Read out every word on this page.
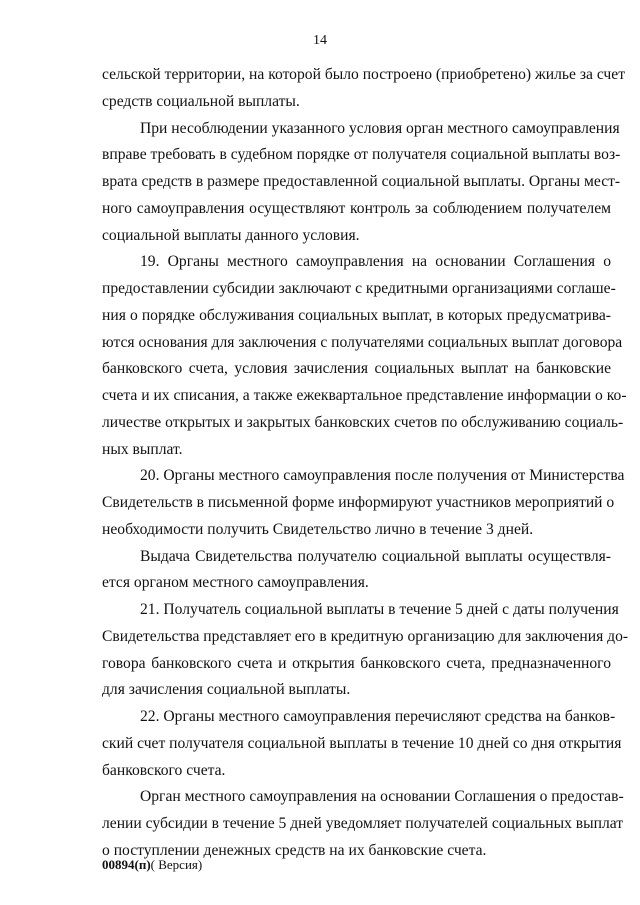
14
сельской территории, на которой было построено (приобретено) жилье за счет
средств социальной выплаты.
При несоблюдении указанного условия орган местного самоуправления
вправе требовать в судебном порядке от получателя социальной выплаты воз-
врата средств в размере предоставленной социальной выплаты. Органы мест-
ного самоуправления осуществляют контроль за соблюдением получателем
социальной выплаты данного условия.
19. Органы местного самоуправления на основании Соглашения о
предоставлении субсидии заключают с кредитными организациями соглаше-
ния о порядке обслуживания социальных выплат, в которых предусматрива-
ются основания для заключения с получателями социальных выплат договора
банковского счета, условия зачисления социальных выплат на банковские
счета и их списания, а также ежеквартальное представление информации о ко-
личестве открытых и закрытых банковских счетов по обслуживанию социаль-
ных выплат.
20. Органы местного самоуправления после получения от Министерства
Свидетельств в письменной форме информируют участников мероприятий о
необходимости получить Свидетельство лично в течение 3 дней.
Выдача Свидетельства получателю социальной выплаты осуществля-
ется органом местного самоуправления.
21. Получатель социальной выплаты в течение 5 дней с даты получения
Свидетельства представляет его в кредитную организацию для заключения до-
говора банковского счета и открытия банковского счета, предназначенного
для зачисления социальной выплаты.
22. Органы местного самоуправления перечисляют средства на банков-
ский счет получателя социальной выплаты в течение 10 дней со дня открытия
банковского счета.
Орган местного самоуправления на основании Соглашения о предостав-
лении субсидии в течение 5 дней уведомляет получателей социальных выплат
о поступлении денежных средств на их банковские счета.
00894(п)( Версия)
